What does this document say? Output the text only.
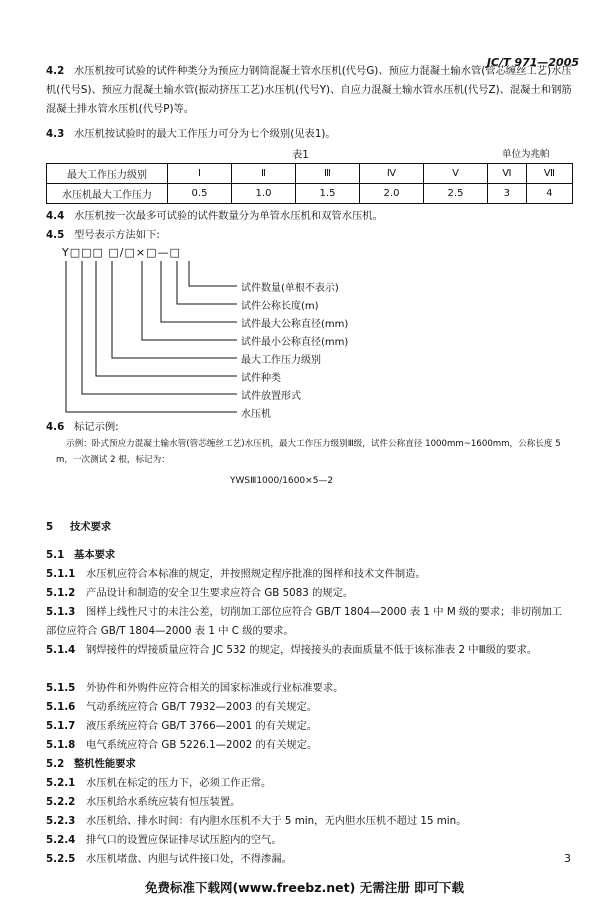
JC/T 971—2005
4.2 水压机按可试验的试件种类分为预应力钢筒混凝土管水压机(代号G)、预应力混凝土输水管(管芯缠丝工艺)水压机(代号S)、预应力混凝土输水管(振动挤压工艺)水压机(代号Y)、自应力混凝土输水管水压机(代号Z)、混凝土和钢筋混凝土排水管水压机(代号P)等。
4.3 水压机按试验时的最大工作压力可分为七个级别(见表1)。
表1	单位为兆帕
最大工作压力级别	Ⅰ	Ⅱ	Ⅲ	Ⅳ	Ⅴ	Ⅵ	Ⅶ
水压机最大工作压力	0.5	1.0	1.5	2.0	2.5	3	4
4.4 水压机按一次最多可试验的试件数量分为单管水压机和双管水压机。
4.5 型号表示方法如下:
Y□□□ □/□×□—□
试件数量(单根不表示)
试件公称长度(m)
试件最大公称直径(mm)
试件最小公称直径(mm)
最大工作压力级别
试件种类
试件放置形式
水压机
4.6 标记示例:
示例：卧式预应力混凝土输水管(管芯缠丝工艺)水压机，最大工作压力级别Ⅲ级，试件公称直径 1000mm~1600mm，公称长度 5 m，一次测试 2 根，标记为：
YWSⅢ1000/1600×5—2
5 技术要求
5.1 基本要求
5.1.1 水压机应符合本标准的规定，并按照规定程序批准的图样和技术文件制造。
5.1.2 产品设计和制造的安全卫生要求应符合 GB 5083 的规定。
5.1.3 图样上线性尺寸的未注公差，切削加工部位应符合 GB/T 1804—2000 表 1 中 M 级的要求；非切削加工部位应符合 GB/T 1804—2000 表 1 中 C 级的要求。
5.1.4 钢焊接件的焊接质量应符合 JC 532 的规定，焊接接头的表面质量不低于该标准表 2 中Ⅲ级的要求。
5.1.5 外协件和外购件应符合相关的国家标准或行业标准要求。
5.1.6 气动系统应符合 GB/T 7932—2003 的有关规定。
5.1.7 液压系统应符合 GB/T 3766—2001 的有关规定。
5.1.8 电气系统应符合 GB 5226.1—2002 的有关规定。
5.2 整机性能要求
5.2.1 水压机在标定的压力下，必须工作正常。
5.2.2 水压机给水系统应装有恒压装置。
5.2.3 水压机给、排水时间：有内胆水压机不大于 5 min，无内胆水压机不超过 15 min。
5.2.4 排气口的设置应保证排尽试压腔内的空气。
5.2.5 水压机堵盘、内胆与试件接口处，不得渗漏。	3
免费标准下载网(www.freebz.net) 无需注册 即可下载
